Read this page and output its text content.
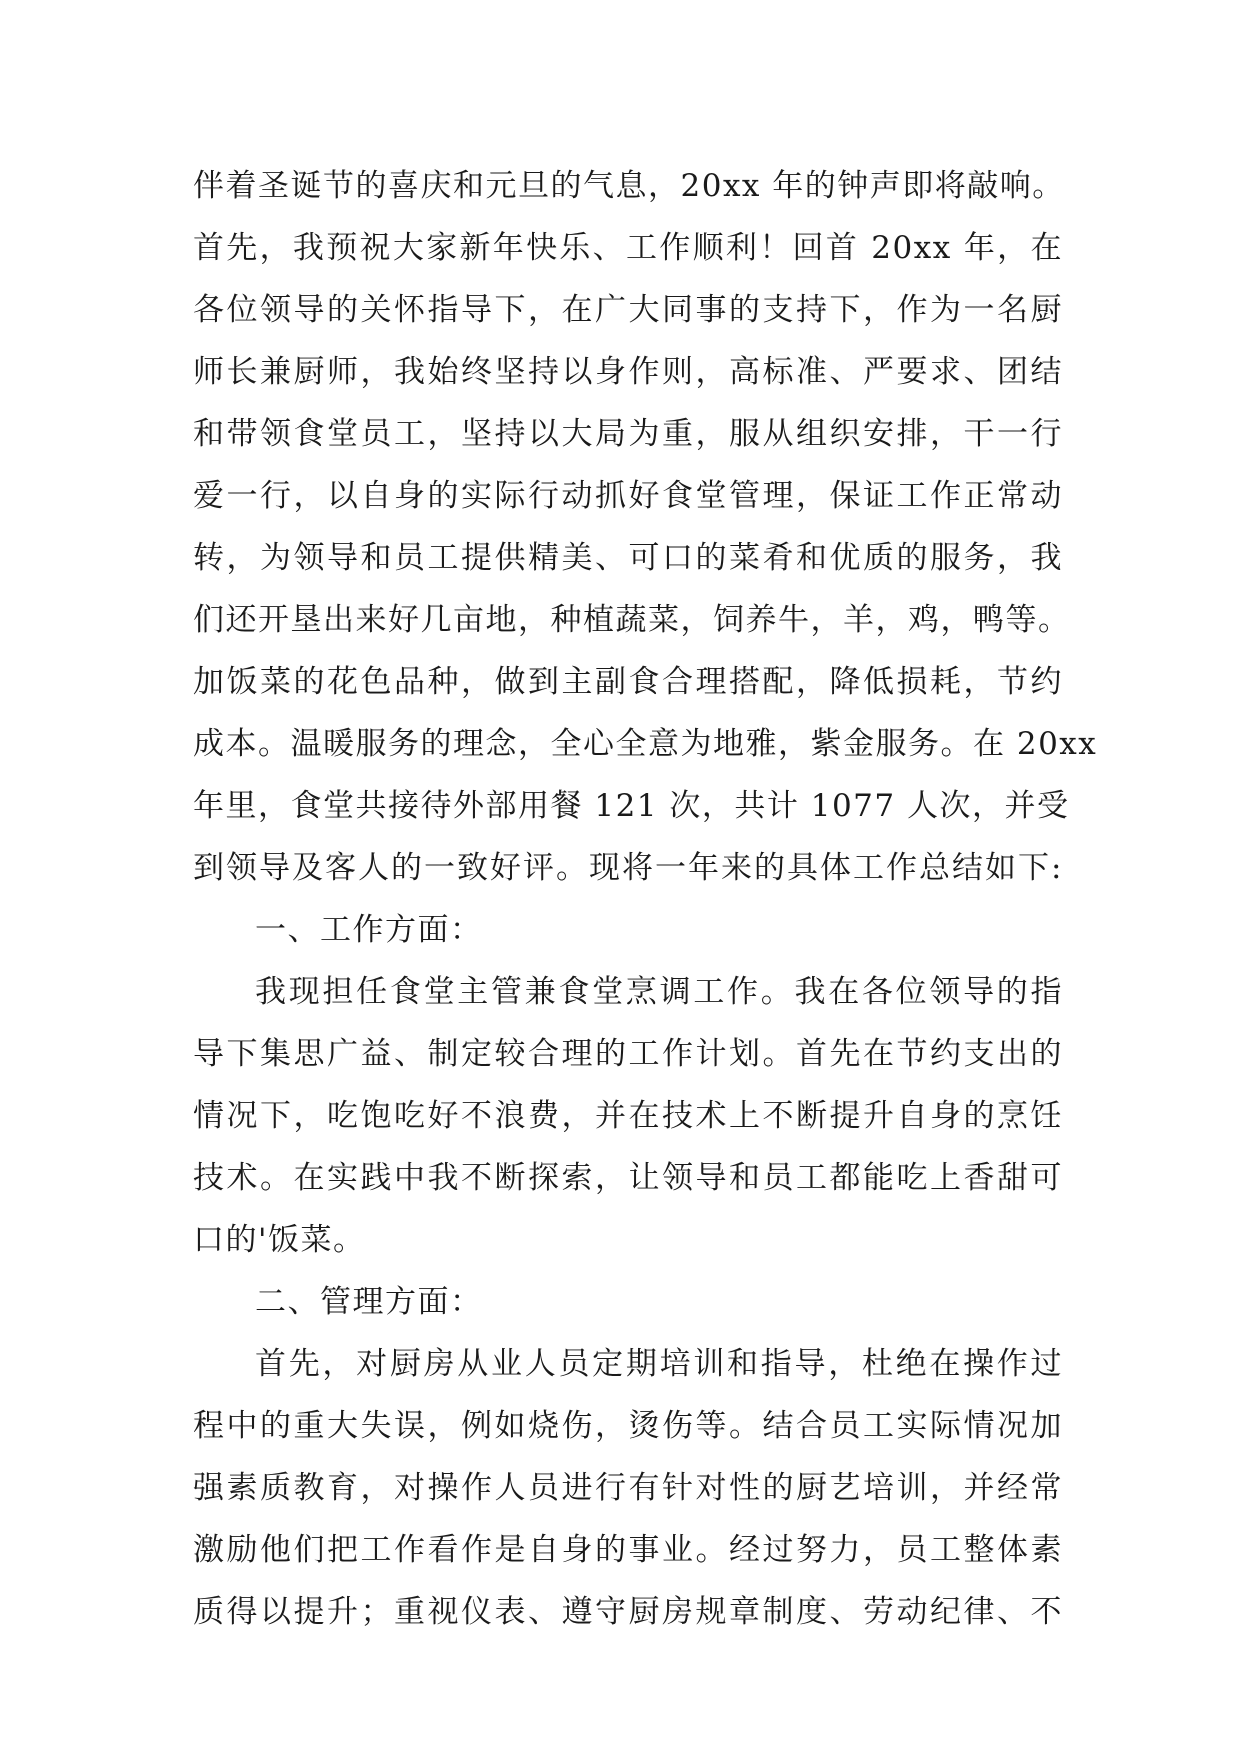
伴着圣诞节的喜庆和元旦的气息，20xx 年的钟声即将敲响。

首先，我预祝大家新年快乐、工作顺利！回首 20xx 年，在

各位领导的关怀指导下，在广大同事的支持下，作为一名厨

师长兼厨师，我始终坚持以身作则，高标准、严要求、团结

和带领食堂员工，坚持以大局为重，服从组织安排，干一行

爱一行，以自身的实际行动抓好食堂管理，保证工作正常动

转，为领导和员工提供精美、可口的菜肴和优质的服务，我

们还开垦出来好几亩地，种植蔬菜，饲养牛，羊，鸡，鸭等。

加饭菜的花色品种，做到主副食合理搭配，降低损耗，节约

成本。温暖服务的理念，全心全意为地雅，紫金服务。在 20xx

年里，食堂共接待外部用餐 121 次，共计 1077 人次，并受

到领导及客人的一致好评。现将一年来的具体工作总结如下:

一、工作方面：

我现担任食堂主管兼食堂烹调工作。我在各位领导的指

导下集思广益、制定较合理的工作计划。首先在节约支出的

情况下，吃饱吃好不浪费，并在技术上不断提升自身的烹饪

技术。在实践中我不断探索，让领导和员工都能吃上香甜可

口的'饭菜。

二、管理方面：

首先，对厨房从业人员定期培训和指导，杜绝在操作过

程中的重大失误，例如烧伤，烫伤等。结合员工实际情况加

强素质教育，对操作人员进行有针对性的厨艺培训，并经常

激励他们把工作看作是自身的事业。经过努力，员工整体素

质得以提升；重视仪表、遵守厨房规章制度、劳动纪律、不
